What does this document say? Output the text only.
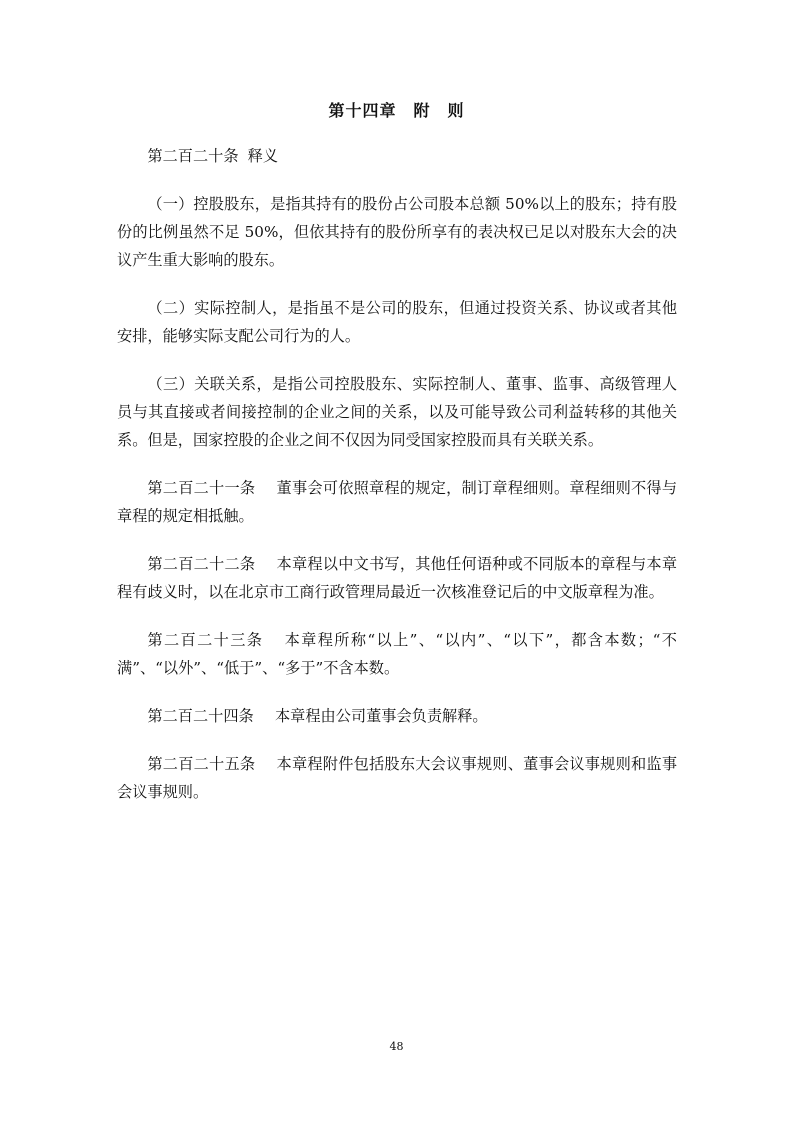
第十四章　附　则

第二百二十条 释义

（一）控股股东，是指其持有的股份占公司股本总额 50%以上的股东；持有股份的比例虽然不足 50%，但依其持有的股份所享有的表决权已足以对股东大会的决议产生重大影响的股东。

（二）实际控制人，是指虽不是公司的股东，但通过投资关系、协议或者其他安排，能够实际支配公司行为的人。

（三）关联关系，是指公司控股股东、实际控制人、董事、监事、高级管理人员与其直接或者间接控制的企业之间的关系，以及可能导致公司利益转移的其他关系。但是，国家控股的企业之间不仅因为同受国家控股而具有关联关系。

第二百二十一条 董事会可依照章程的规定，制订章程细则。章程细则不得与章程的规定相抵触。

第二百二十二条 本章程以中文书写，其他任何语种或不同版本的章程与本章程有歧义时，以在北京市工商行政管理局最近一次核准登记后的中文版章程为准。

第二百二十三条 本章程所称“以上”、“以内”、“以下”，都含本数；“不满”、“以外”、“低于”、“多于”不含本数。

第二百二十四条 本章程由公司董事会负责解释。

第二百二十五条 本章程附件包括股东大会议事规则、董事会议事规则和监事会议事规则。

48
